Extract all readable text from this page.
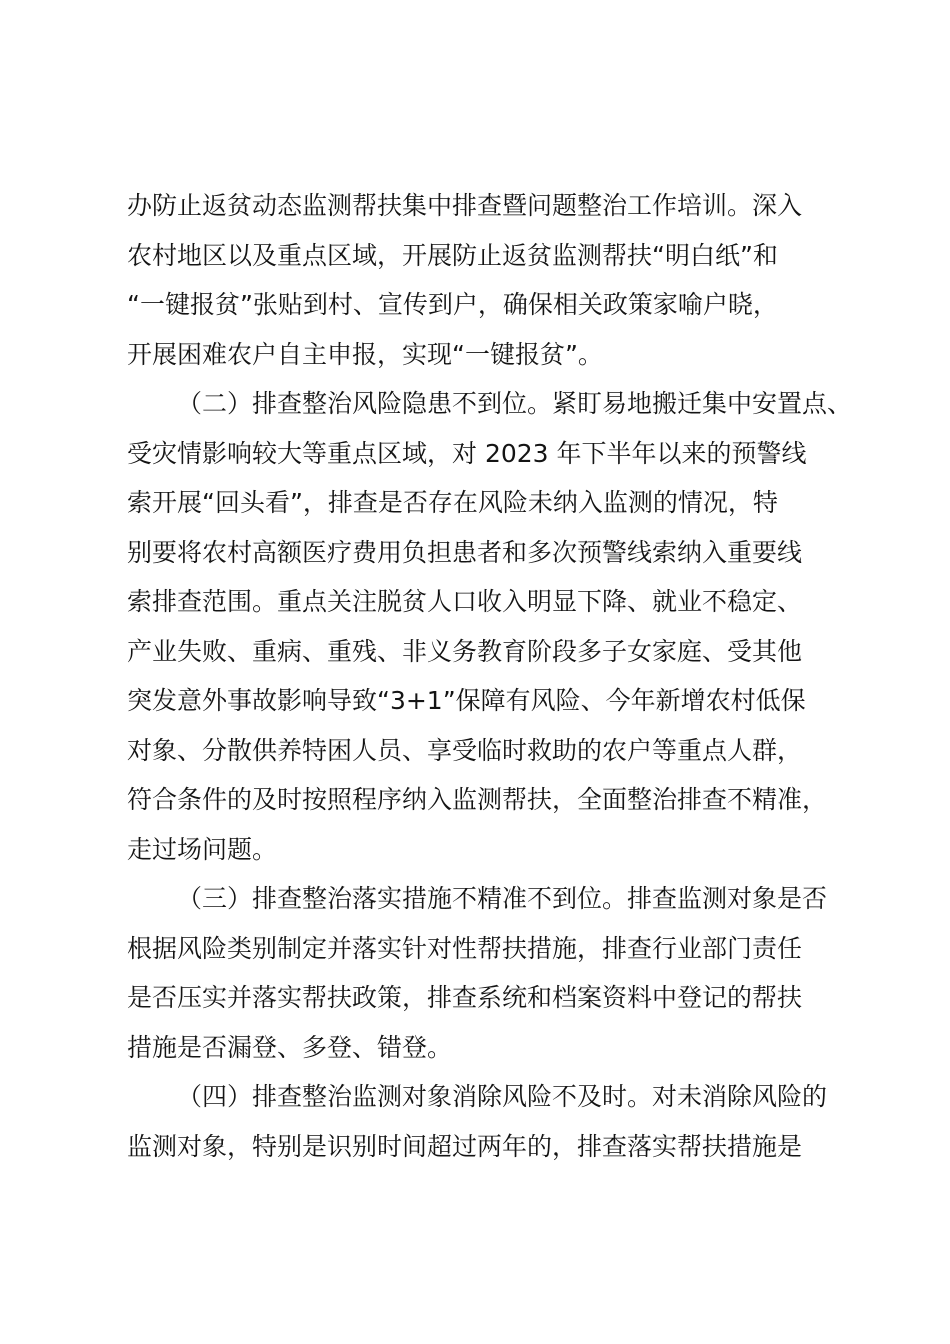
办防止返贫动态监测帮扶集中排查暨问题整治工作培训。深入
农村地区以及重点区域，开展防止返贫监测帮扶“明白纸”和
“一键报贫”张贴到村、宣传到户，确保相关政策家喻户晓，
开展困难农户自主申报，实现“一键报贫”。
（二）排查整治风险隐患不到位。紧盯易地搬迁集中安置点、
受灾情影响较大等重点区域，对 2023 年下半年以来的预警线
索开展“回头看”，排查是否存在风险未纳入监测的情况，特
别要将农村高额医疗费用负担患者和多次预警线索纳入重要线
索排查范围。重点关注脱贫人口收入明显下降、就业不稳定、
产业失败、重病、重残、非义务教育阶段多子女家庭、受其他
突发意外事故影响导致“3+1”保障有风险、今年新增农村低保
对象、分散供养特困人员、享受临时救助的农户等重点人群，
符合条件的及时按照程序纳入监测帮扶，全面整治排查不精准，
走过场问题。
（三）排查整治落实措施不精准不到位。排查监测对象是否
根据风险类别制定并落实针对性帮扶措施，排查行业部门责任
是否压实并落实帮扶政策，排查系统和档案资料中登记的帮扶
措施是否漏登、多登、错登。
（四）排查整治监测对象消除风险不及时。对未消除风险的
监测对象，特别是识别时间超过两年的，排查落实帮扶措施是
